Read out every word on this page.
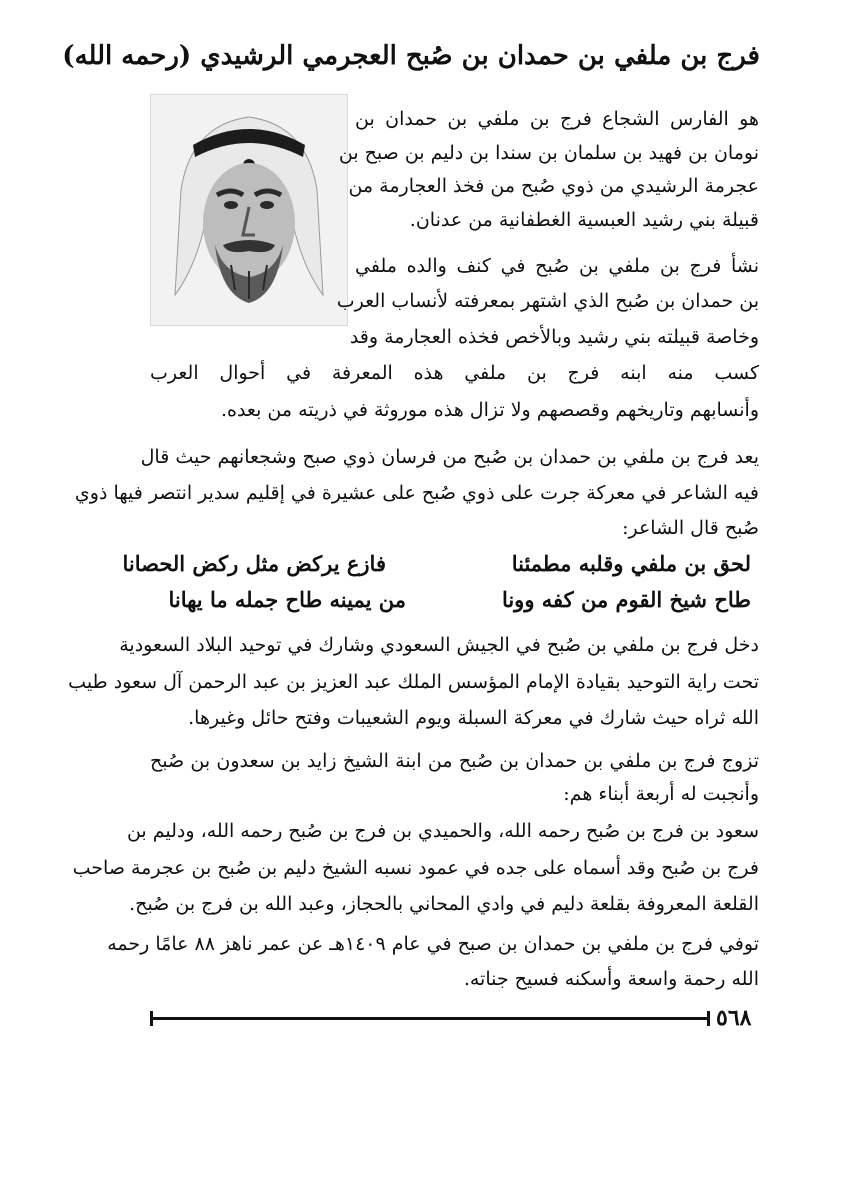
فرج بن ملفي بن حمدان بن صُبح العجرمي الرشيدي (رحمه الله)
هو الفارس الشجاع فرج بن ملفي بن حمدان بن
نومان بن فهيد بن سلمان بن سندا بن دليم بن صبح بن
عجرمة الرشيدي من ذوي صُبح من فخذ العجارمة من
قبيلة بني رشيد العبسية الغطفانية من عدنان.
نشأ فرج بن ملفي بن صُبح في كنف والده ملفي
بن حمدان بن صُبح الذي اشتهر بمعرفته لأنساب العرب
وخاصة قبيلته بني رشيد وبالأخص فخذه العجارمة وقد
كسب منه ابنه فرج بن ملفي هذه المعرفة في أحوال العرب
وأنسابهم وتاريخهم وقصصهم ولا تزال هذه موروثة في ذريته من بعده.
يعد فرج بن ملفي بن حمدان بن صُبح من فرسان ذوي صبح وشجعانهم حيث قال
فيه الشاعر في معركة جرت على ذوي صُبح على عشيرة في إقليم سدير انتصر فيها ذوي
صُبح قال الشاعر:
لحق بن ملفي وقلبه مطمئنا
فازع يركض مثل ركض الحصانا
طاح شيخ القوم من كفه وونا
من يمينه طاح جمله ما يهانا
دخل فرج بن ملفي بن صُبح في الجيش السعودي وشارك في توحيد البلاد السعودية
تحت راية التوحيد بقيادة الإمام المؤسس الملك عبد العزيز بن عبد الرحمن آل سعود طيب
الله ثراه حيث شارك في معركة السبلة ويوم الشعيبات وفتح حائل وغيرها.
تزوج فرج بن ملفي بن حمدان بن صُبح من ابنة الشيخ زايد بن سعدون بن صُبح
وأنجبت له أربعة أبناء هم:
سعود بن فرج بن صُبح رحمه الله، والحميدي بن فرج بن صُبح رحمه الله، ودليم بن
فرج بن صُبح وقد أسماه على جده في عمود نسبه الشيخ دليم بن صُبح بن عجرمة صاحب
القلعة المعروفة بقلعة دليم في وادي المحاني بالحجاز، وعبد الله بن فرج بن صُبح.
توفي فرج بن ملفي بن حمدان بن صبح في عام ١٤٠٩هـ عن عمر ناهز ٨٨ عامًا رحمه
الله رحمة واسعة وأسكنه فسيح جناته.
٥٦٨
